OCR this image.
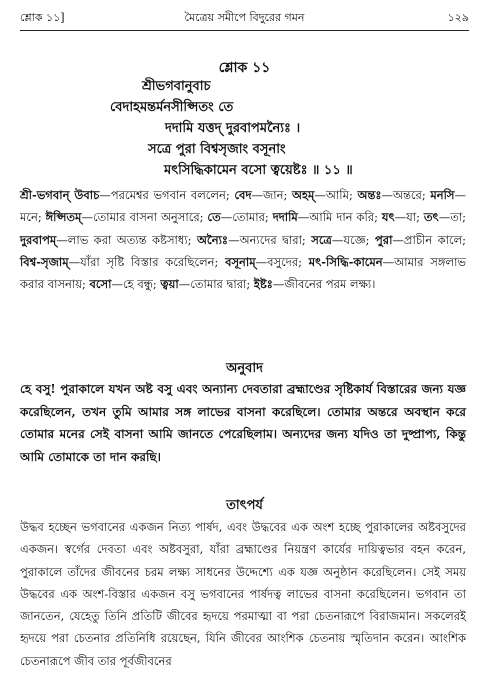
শ্লোক ১১]	মৈত্রেয় সমীপে বিদুরের গমন	১২৯
শ্লোক ১১
শ্রীভগবানুবাচ
বেদাহমন্তর্মনসীপ্সিতং তে
দদামি যত্তদ্ দুরবাপমন্যৈঃ ।
সত্রে পুরা বিশ্বসৃজাং বসূনাং
মৎসিদ্ধিকামেন বসো ত্বয়েষ্টঃ ॥ ১১ ॥
শ্রী-ভগবান্ উবাচ—পরমেশ্বর ভগবান বললেন; বেদ—জান; অহম্—আমি; অন্তঃ—অন্তরে; মনসি—মনে; ঈপ্সিতম্—তোমার বাসনা অনুসারে; তে—তোমার; দদামি—আমি দান করি; যৎ—যা; তৎ—তা; দুরবাপম্—লাভ করা অত্যন্ত কষ্টসাধ্য; অন্যৈঃ—অন্যদের দ্বারা; সত্রে—যজ্ঞে; পুরা—প্রাচীন কালে; বিশ্ব-সৃজাম্—যাঁরা সৃষ্টি বিস্তার করেছিলেন; বসূনাম্—বসুদের; মৎ-সিদ্ধি-কামেন—আমার সঙ্গলাভ করার বাসনায়; বসো—হে বন্ধু; ত্বয়া—তোমার দ্বারা; ইষ্টঃ—জীবনের পরম লক্ষ্য।
অনুবাদ
হে বসু! পুরাকালে যখন অষ্ট বসু এবং অন্যান্য দেবতারা ব্রহ্মাণ্ডের সৃষ্টিকার্য বিস্তারের জন্য যজ্ঞ করেছিলেন, তখন তুমি আমার সঙ্গ লাভের বাসনা করেছিলে। তোমার অন্তরে অবস্থান করে তোমার মনের সেই বাসনা আমি জানতে পেরেছিলাম। অন্যদের জন্য যদিও তা দুষ্প্রাপ্য, কিন্তু আমি তোমাকে তা দান করছি।
তাৎপর্য
উদ্ধব হচ্ছেন ভগবানের একজন নিত্য পার্ষদ, এবং উদ্ধবের এক অংশ হচ্ছে পুরাকালের অষ্টবসুদের একজন। স্বর্গের দেবতা এবং অষ্টবসুরা, যাঁরা ব্রহ্মাণ্ডের নিয়ন্ত্রণ কার্যের দায়িত্বভার বহন করেন, পুরাকালে তাঁদের জীবনের চরম লক্ষ্য সাধনের উদ্দেশ্যে এক যজ্ঞ অনুষ্ঠান করেছিলেন। সেই সময় উদ্ধবের এক অংশ-বিস্তার একজন বসু ভগবানের পার্ষদত্ব লাভের বাসনা করেছিলেন। ভগবান তা জানতেন, যেহেতু তিনি প্রতিটি জীবের হৃদয়ে পরমাত্মা বা পরা চেতনারূপে বিরাজমান। সকলেরই হৃদয়ে পরা চেতনার প্রতিনিধি রয়েছেন, যিনি জীবের আংশিক চেতনায় স্মৃতিদান করেন। আংশিক চেতনারূপে জীব তার পূর্বজীবনের
